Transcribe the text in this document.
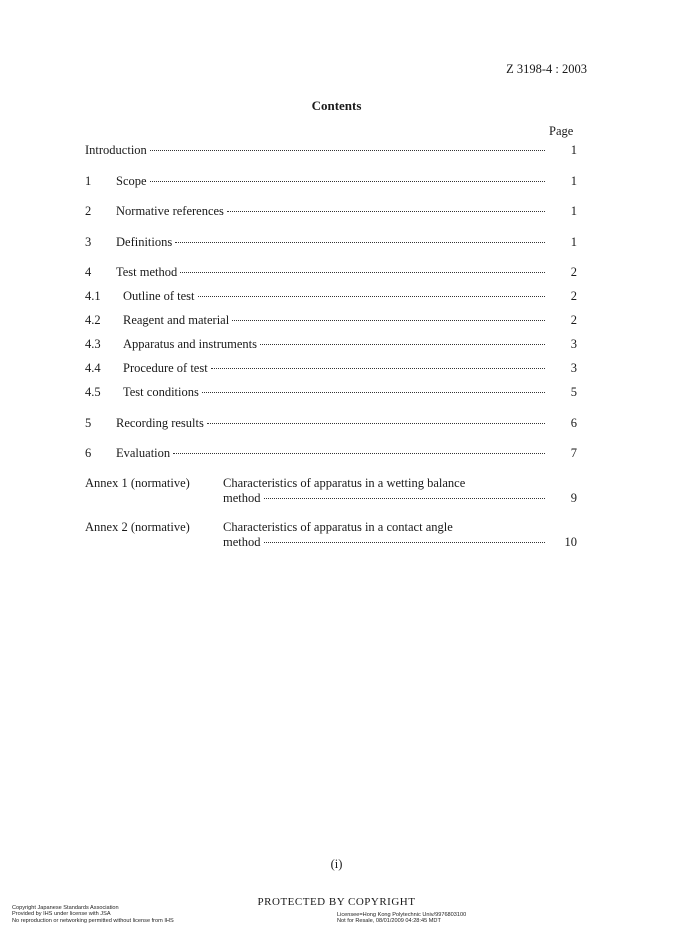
Z 3198-4 : 2003
Contents
Page
Introduction	1
1	Scope	1
2	Normative references	1
3	Definitions	1
4	Test method	2
4.1	Outline of test	2
4.2	Reagent and material	2
4.3	Apparatus and instruments	3
4.4	Procedure of test	3
4.5	Test conditions	5
5	Recording results	6
6	Evaluation	7
Annex 1 (normative)	Characteristics of apparatus in a wetting balance
method	9
Annex 2 (normative)	Characteristics of apparatus in a contact angle
method	10
(i)
PROTECTED BY COPYRIGHT
Copyright Japanese Standards Association
Provided by IHS under license with JSA
No reproduction or networking permitted without license from IHS
Licensee=Hong Kong Polytechnic Univ/9976803100
Not for Resale, 08/01/2009 04:28:45 MDT
